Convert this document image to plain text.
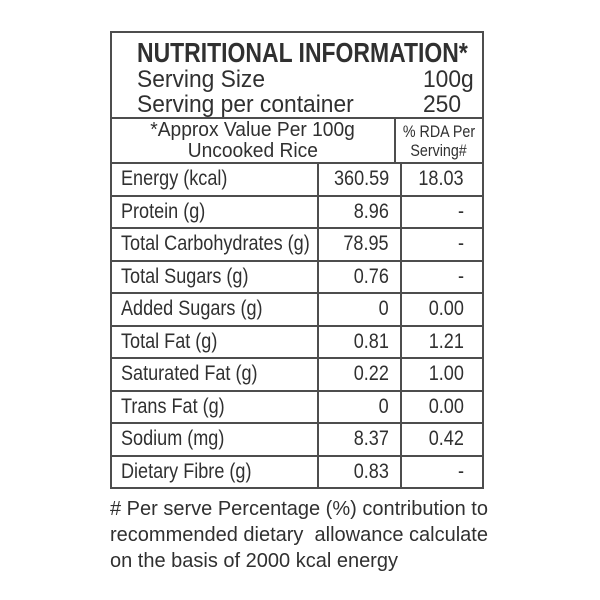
NUTRITIONAL INFORMATION*
Serving Size	100g
Serving per container	250
*Approx Value Per 100g
Uncooked Rice
% RDA Per
Serving#
Energy (kcal)	360.59 18.03
Protein (g)	8.96	-
Total Carbohydrates (g) 78.95	-
Total Sugars (g)	0.76	-
Added Sugars (g)	0 0.00
Total Fat (g)	0.81 1.21
Saturated Fat (g)	0.22 1.00
Trans Fat (g)	0 0.00
Sodium (mg)	8.37 0.42
Dietary Fibre (g)	0.83	-
# Per serve Percentage (%) contribution to
recommended dietary  allowance calculate
on the basis of 2000 kcal energy
